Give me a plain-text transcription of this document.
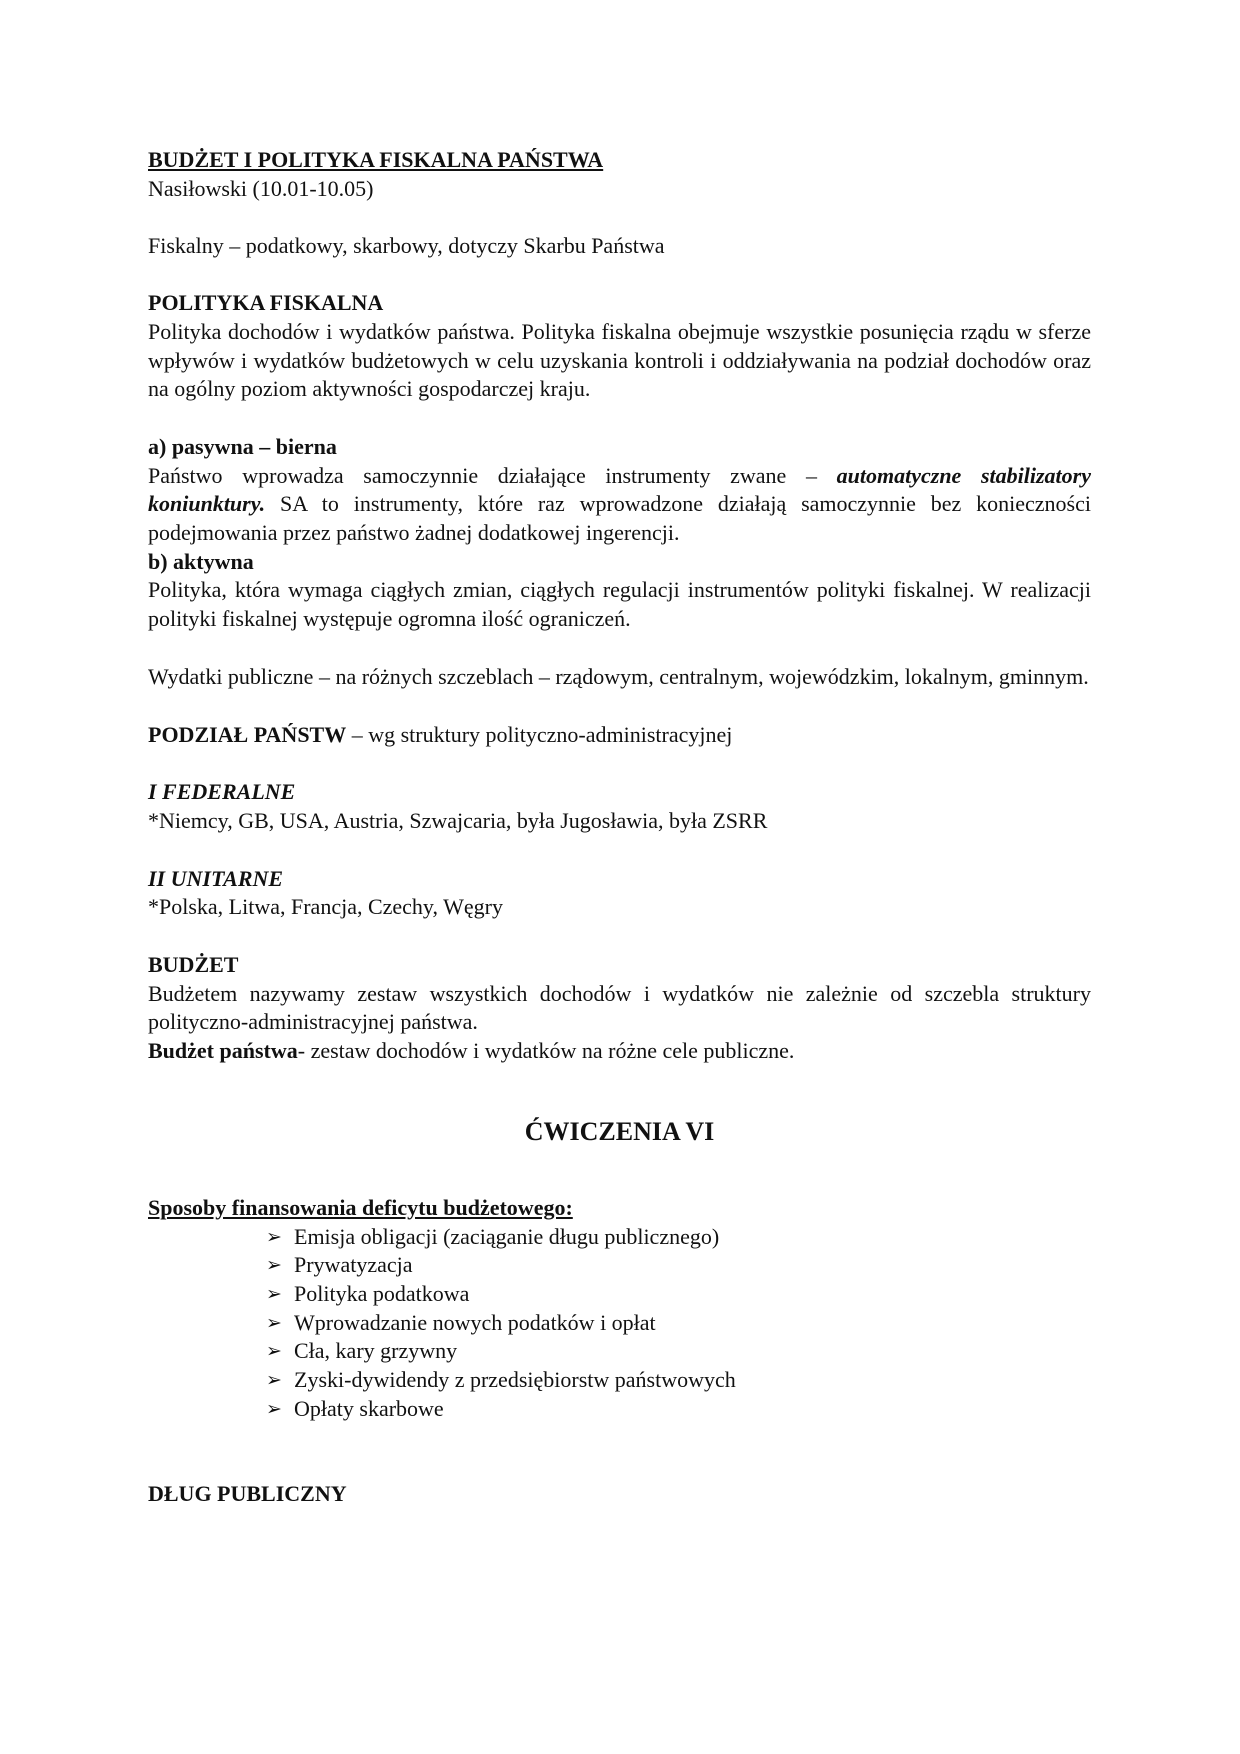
BUDŻET I POLITYKA FISKALNA PAŃSTWA

Nasiłowski (10.01-10.05)

Fiskalny – podatkowy, skarbowy, dotyczy Skarbu Państwa

POLITYKA FISKALNA

Polityka dochodów i wydatków państwa. Polityka fiskalna obejmuje wszystkie posunięcia rządu w sferze wpływów i wydatków budżetowych w celu uzyskania kontroli i oddziaływania na podział dochodów oraz na ogólny poziom aktywności gospodarczej kraju.

a) pasywna – bierna

Państwo wprowadza samoczynnie działające instrumenty zwane – automatyczne stabilizatory koniunktury. SA to instrumenty, które raz wprowadzone działają samoczynnie bez konieczności podejmowania przez państwo żadnej dodatkowej ingerencji.

b) aktywna

Polityka, która wymaga ciągłych zmian, ciągłych regulacji instrumentów polityki fiskalnej. W realizacji polityki fiskalnej występuje ogromna ilość ograniczeń.

Wydatki publiczne – na różnych szczeblach – rządowym, centralnym, wojewódzkim, lokalnym, gminnym.

PODZIAŁ PAŃSTW – wg struktury polityczno-administracyjnej

I FEDERALNE

*Niemcy, GB, USA, Austria, Szwajcaria, była Jugosławia, była ZSRR

II UNITARNE

*Polska, Litwa, Francja, Czechy, Węgry

BUDŻET

Budżetem nazywamy zestaw wszystkich dochodów i wydatków nie zależnie od szczebla struktury polityczno-administracyjnej państwa.

Budżet państwa- zestaw dochodów i wydatków na różne cele publiczne.

ĆWICZENIA VI

Sposoby finansowania deficytu budżetowego:

➢ Emisja obligacji (zaciąganie długu publicznego)
➢ Prywatyzacja
➢ Polityka podatkowa
➢ Wprowadzanie nowych podatków i opłat
➢ Cła, kary grzywny
➢ Zyski-dywidendy z przedsiębiorstw państwowych
➢ Opłaty skarbowe

DŁUG PUBLICZNY
